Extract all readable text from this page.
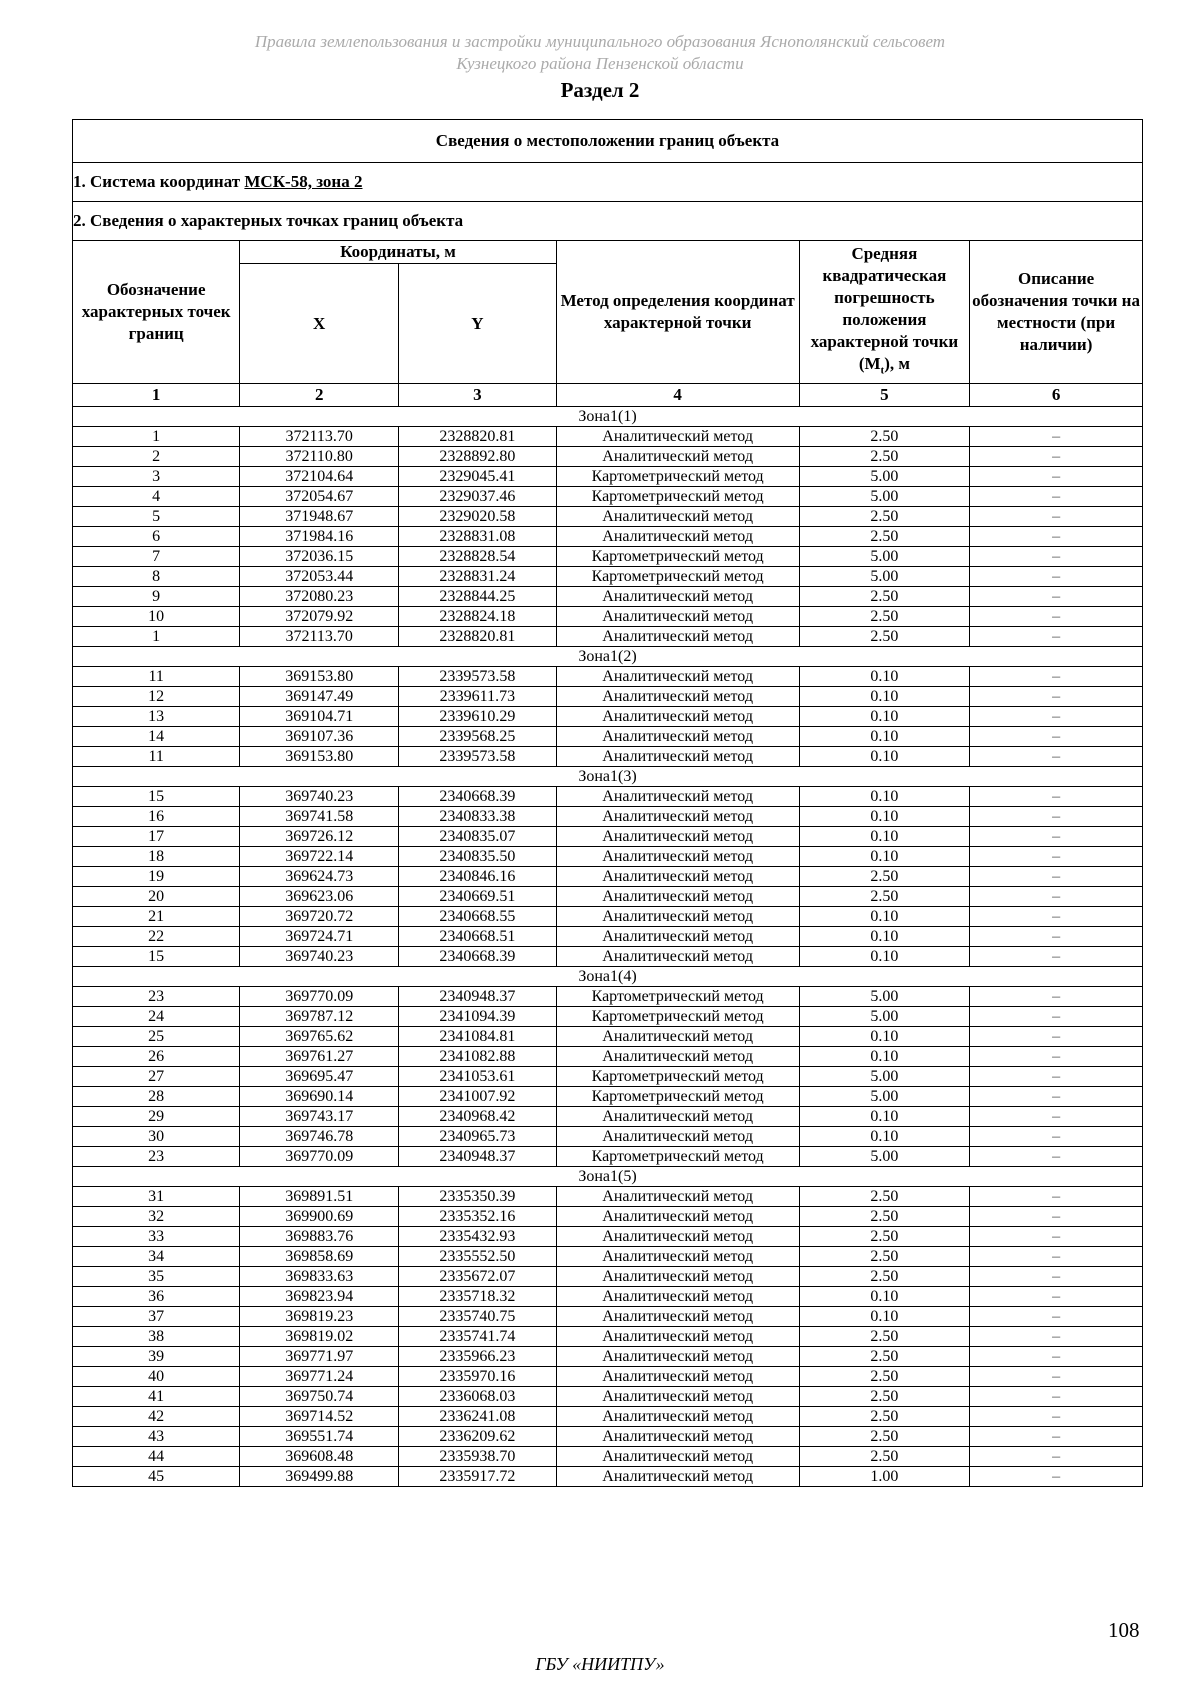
Правила землепользования и застройки муниципального образования Яснополянский сельсовет
Кузнецкого района Пензенской области
Раздел 2
Сведения о местоположении границ объекта					
1. Система координат МСК-58, зона 2					
2. Сведения о характерных точках границ объекта					
Обозначение характерных точек границ	Координаты, м		Метод определения координат характерной точки	Средняя квадратическая погрешность положения характерной точки $(M_t)$, м	Описание обозначения точки на местности (при наличии)
	X	Y			
1	2	3	4	5	6
Зона1(1)					
1	372113.70	2328820.81	Аналитический метод	2.50	–
2	372110.80	2328892.80	Аналитический метод	2.50	–
3	372104.64	2329045.41	Картометрический метод	5.00	–
4	372054.67	2329037.46	Картометрический метод	5.00	–
5	371948.67	2329020.58	Аналитический метод	2.50	–
6	371984.16	2328831.08	Аналитический метод	2.50	–
7	372036.15	2328828.54	Картометрический метод	5.00	–
8	372053.44	2328831.24	Картометрический метод	5.00	–
9	372080.23	2328844.25	Аналитический метод	2.50	–
10	372079.92	2328824.18	Аналитический метод	2.50	–
1	372113.70	2328820.81	Аналитический метод	2.50	–
Зона1(2)					
11	369153.80	2339573.58	Аналитический метод	0.10	–
12	369147.49	2339611.73	Аналитический метод	0.10	–
13	369104.71	2339610.29	Аналитический метод	0.10	–
14	369107.36	2339568.25	Аналитический метод	0.10	–
11	369153.80	2339573.58	Аналитический метод	0.10	–
Зона1(3)					
15	369740.23	2340668.39	Аналитический метод	0.10	–
16	369741.58	2340833.38	Аналитический метод	0.10	–
17	369726.12	2340835.07	Аналитический метод	0.10	–
18	369722.14	2340835.50	Аналитический метод	0.10	–
19	369624.73	2340846.16	Аналитический метод	2.50	–
20	369623.06	2340669.51	Аналитический метод	2.50	–
21	369720.72	2340668.55	Аналитический метод	0.10	–
22	369724.71	2340668.51	Аналитический метод	0.10	–
15	369740.23	2340668.39	Аналитический метод	0.10	–
Зона1(4)					
23	369770.09	2340948.37	Картометрический метод	5.00	–
24	369787.12	2341094.39	Картометрический метод	5.00	–
25	369765.62	2341084.81	Аналитический метод	0.10	–
26	369761.27	2341082.88	Аналитический метод	0.10	–
27	369695.47	2341053.61	Картометрический метод	5.00	–
28	369690.14	2341007.92	Картометрический метод	5.00	–
29	369743.17	2340968.42	Аналитический метод	0.10	–
30	369746.78	2340965.73	Аналитический метод	0.10	–
23	369770.09	2340948.37	Картометрический метод	5.00	–
Зона1(5)					
31	369891.51	2335350.39	Аналитический метод	2.50	–
32	369900.69	2335352.16	Аналитический метод	2.50	–
33	369883.76	2335432.93	Аналитический метод	2.50	–
34	369858.69	2335552.50	Аналитический метод	2.50	–
35	369833.63	2335672.07	Аналитический метод	2.50	–
36	369823.94	2335718.32	Аналитический метод	0.10	–
37	369819.23	2335740.75	Аналитический метод	0.10	–
38	369819.02	2335741.74	Аналитический метод	2.50	–
39	369771.97	2335966.23	Аналитический метод	2.50	–
40	369771.24	2335970.16	Аналитический метод	2.50	–
41	369750.74	2336068.03	Аналитический метод	2.50	–
42	369714.52	2336241.08	Аналитический метод	2.50	–
43	369551.74	2336209.62	Аналитический метод	2.50	–
44	369608.48	2335938.70	Аналитический метод	2.50	–
45	369499.88	2335917.72	Аналитический метод	1.00	–
108
ГБУ «НИИТПУ»
